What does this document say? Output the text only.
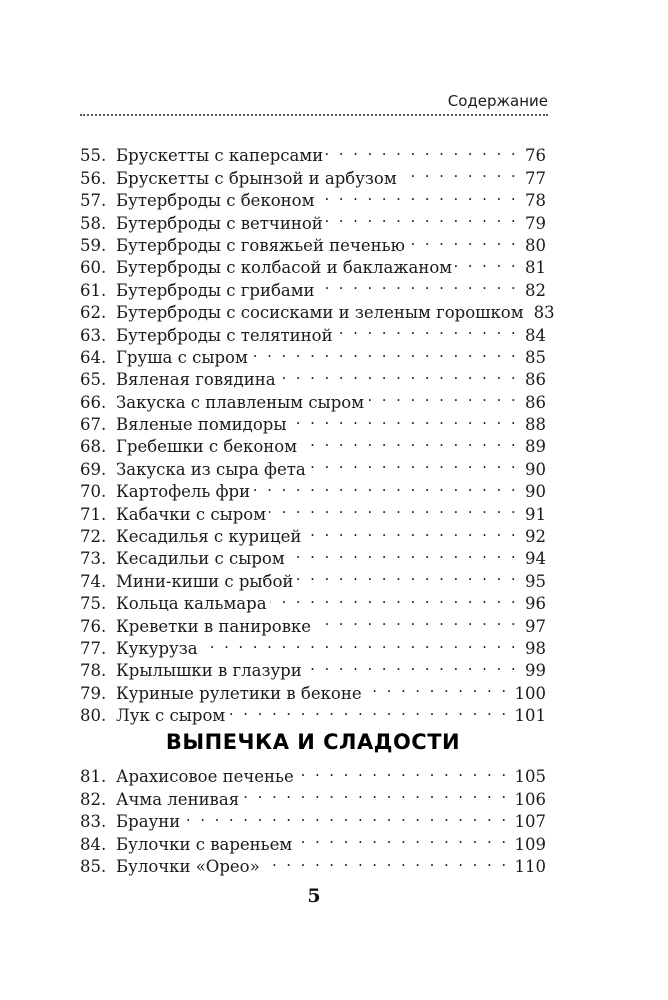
Содержание
55. Брускетты с каперсами . . .	76
56. Брускетты с брынзой и арбузом . . .	77
57. Бутерброды с беконом . . .	78
58. Бутерброды с ветчиной . . .	79
59. Бутерброды с говяжьей печенью . . .	80
60. Бутерброды с колбасой и баклажаном . . .	81
61. Бутерброды с грибами . . .	82
62. Бутерброды с сосисками и зеленым горошком 83
63. Бутерброды с телятиной . . .	84
64. Груша с сыром . . .	85
65. Вяленая говядина . . .	86
66. Закуска с плавленым сыром . . .	86
67. Вяленые помидоры . . .	88
68. Гребешки с беконом . . .	89
69. Закуска из сыра фета . . .	90
70. Картофель фри . . .	90
71. Кабачки с сыром . . .	91
72. Кесадилья с курицей . . .	92
73. Кесадильи с сыром . . .	94
74. Мини-киши с рыбой . . .	95
75. Кольца кальмара . . .	96
76. Креветки в панировке . . .	97
77. Кукуруза . . .	98
78. Крылышки в глазури . . .	99
79. Куриные рулетики в беконе . . .	100
80. Лук с сыром . . .	101
ВЫПЕЧКА И СЛАДОСТИ
81. Арахисовое печенье . . .	105
82. Ачма ленивая . . .	106
83. Брауни . . .	107
84. Булочки с вареньем . . .	109
85. Булочки «Орео» . . .	110
5
